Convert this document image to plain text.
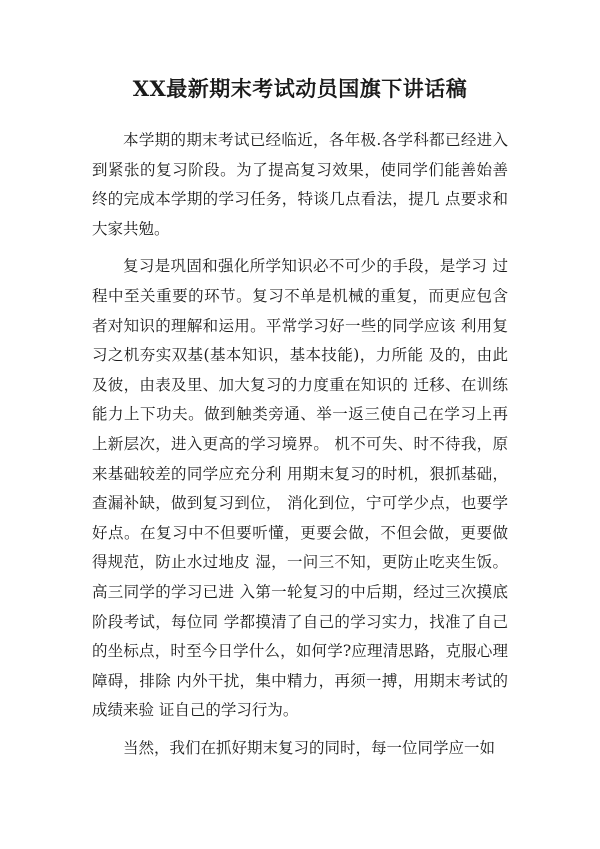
XX最新期末考试动员国旗下讲话稿

本学期的期末考试已经临近，各年极.各学科都已经进入到紧张的复习阶段。为了提高复习效果，使同学们能善始善终的完成本学期的学习任务，特谈几点看法，提几 点要求和大家共勉。

复习是巩固和强化所学知识必不可少的手段，是学习 过程中至关重要的环节。复习不单是机械的重复，而更应包含者对知识的理解和运用。平常学习好一些的同学应该 利用复习之机夯实双基(基本知识，基本技能)，力所能 及的，由此及彼，由表及里、加大复习的力度重在知识的 迁移、在训练能力上下功夫。做到触类旁通、举一返三使自己在学习上再上新层次，进入更高的学习境界。 机不可失、时不待我，原来基础较差的同学应充分利 用期末复习的时机，狠抓基础，查漏补缺，做到复习到位， 消化到位，宁可学少点，也要学好点。在复习中不但要听懂，更要会做，不但会做，更要做得规范，防止水过地皮 湿，一问三不知，更防止吃夹生饭。高三同学的学习已进 入第一轮复习的中后期，经过三次摸底阶段考试，每位同 学都摸清了自己的学习实力，找准了自己的坐标点，时至今日学什么，如何学?应理清思路，克服心理障碍，排除 内外干扰，集中精力，再须一搏，用期末考试的成绩来验 证自己的学习行为。

当然，我们在抓好期末复习的同时，每一位同学应一如
